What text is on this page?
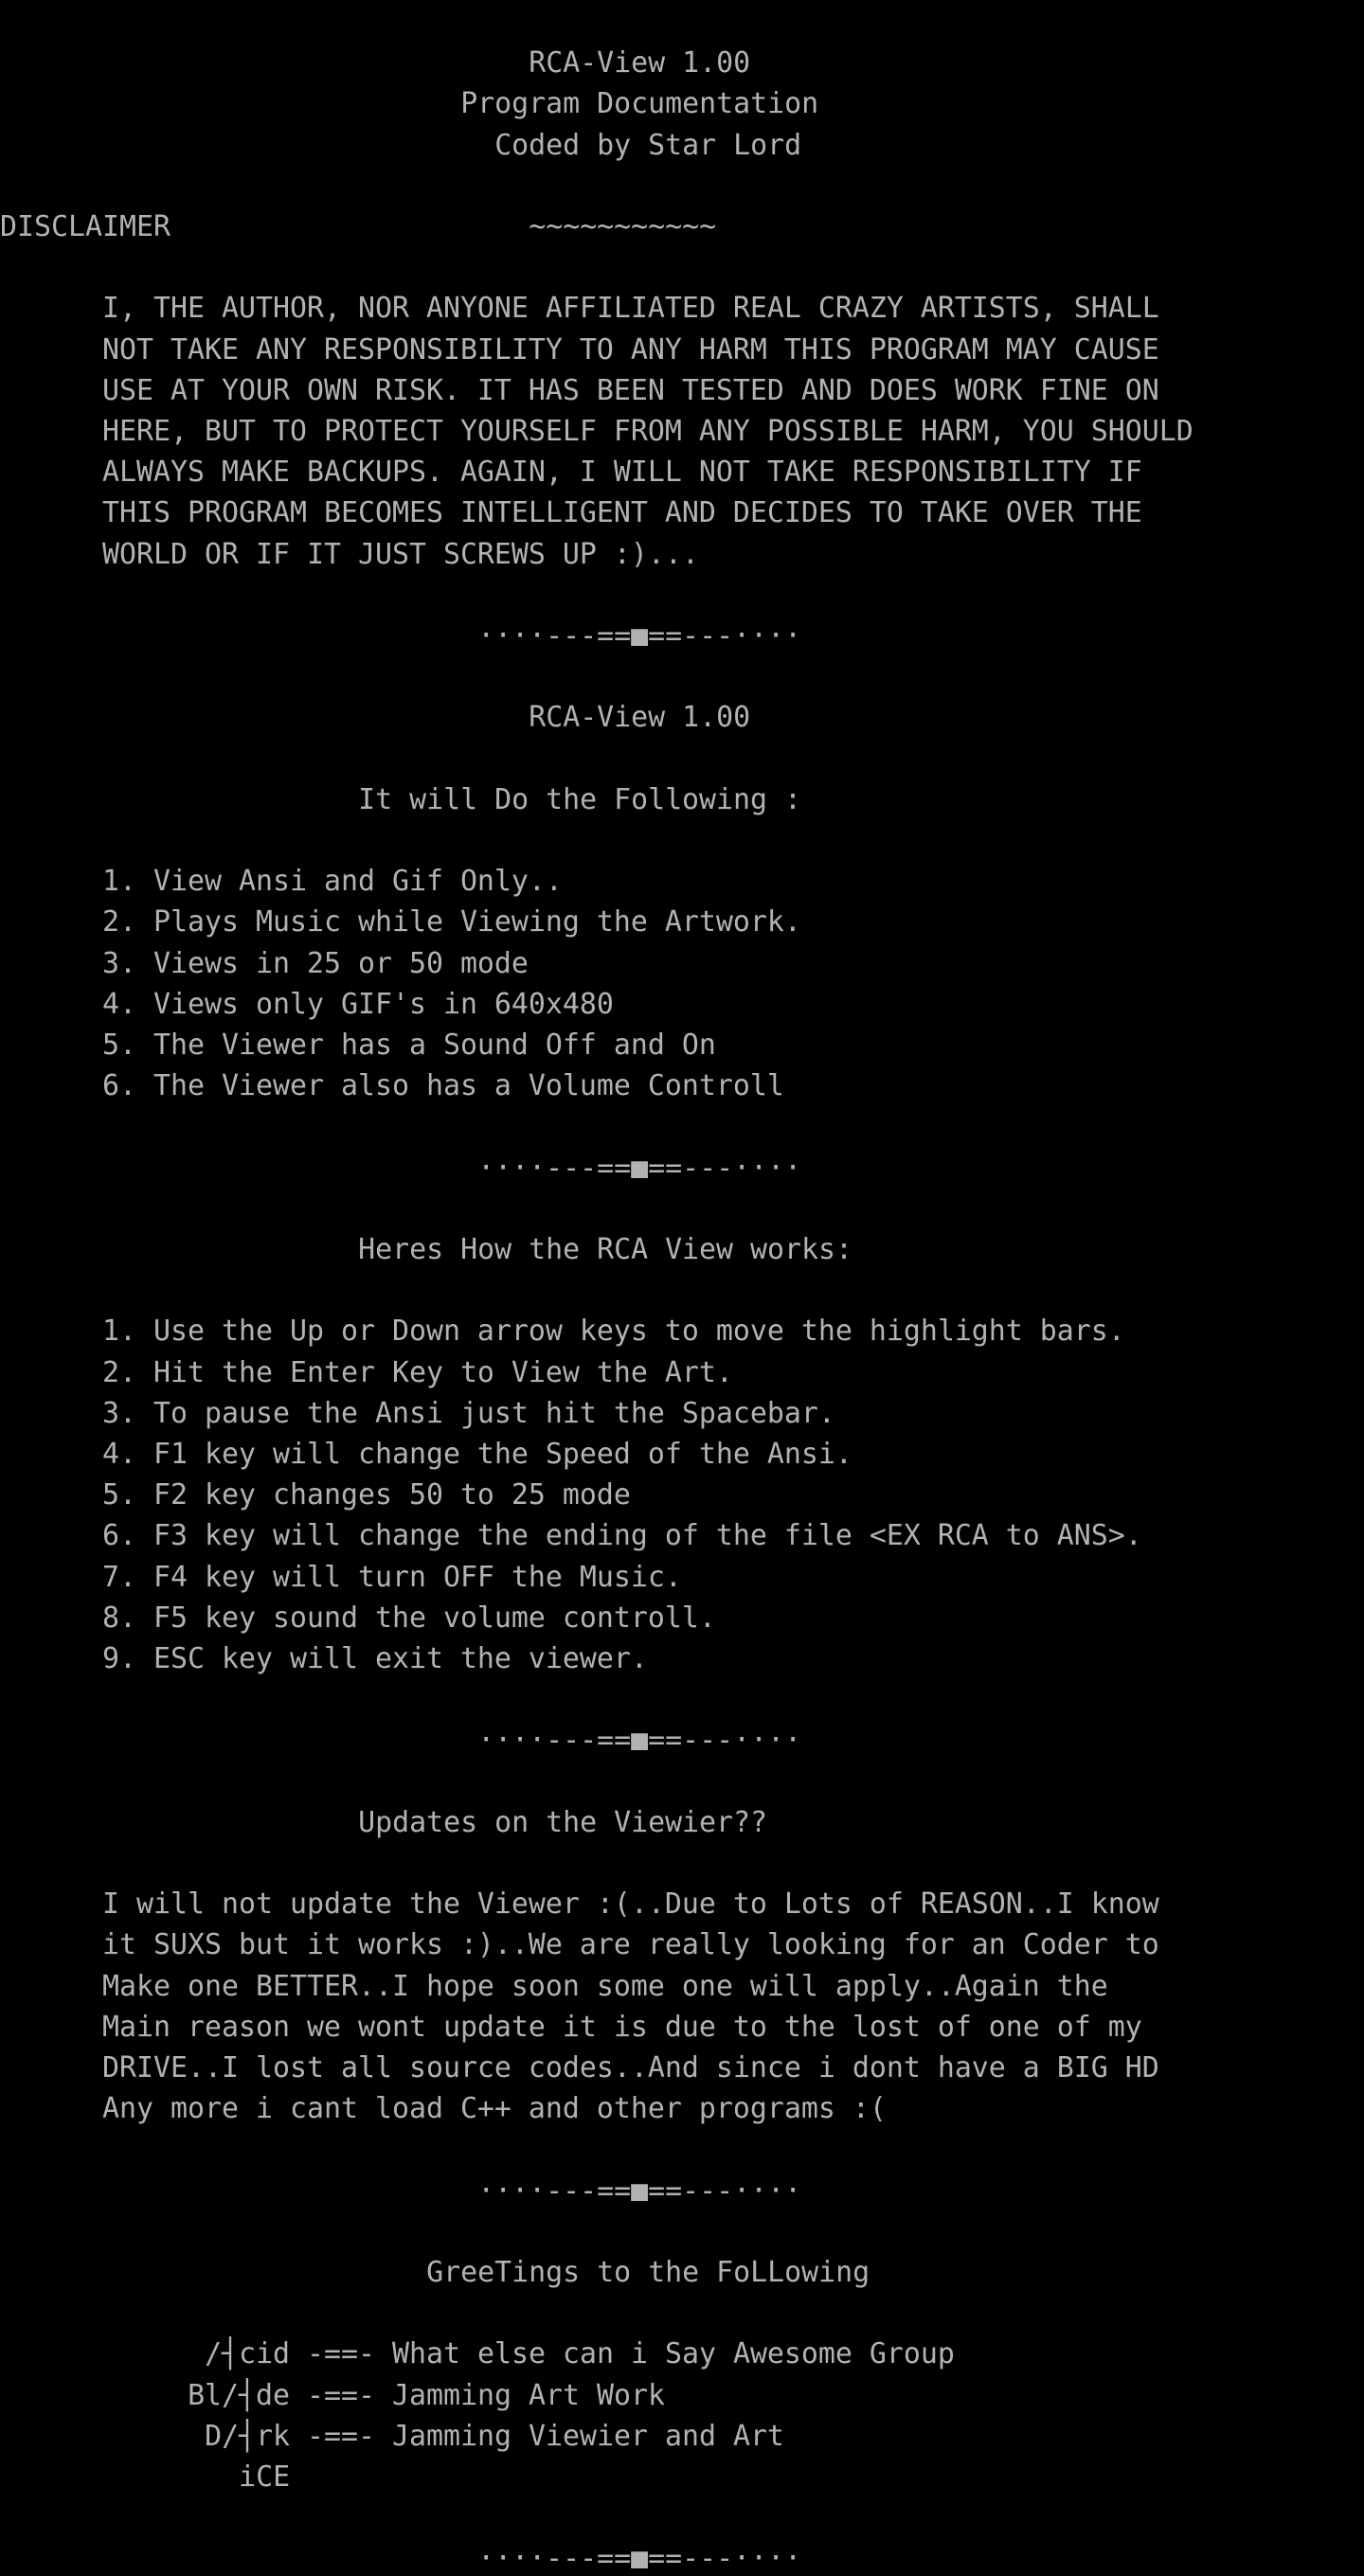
RCA-View 1.00
Program Documentation
Coded by Star Lord
DISCLAIMER	~~~~~~~~~~~
I, THE AUTHOR, NOR ANYONE AFFILIATED REAL CRAZY ARTISTS, SHALL
NOT TAKE ANY RESPONSIBILITY TO ANY HARM THIS PROGRAM MAY CAUSE
USE AT YOUR OWN RISK. IT HAS BEEN TESTED AND DOES WORK FINE ON
HERE, BUT TO PROTECT YOURSELF FROM ANY POSSIBLE HARM, YOU SHOULD
ALWAYS MAKE BACKUPS. AGAIN, I WILL NOT TAKE RESPONSIBILITY IF
THIS PROGRAM BECOMES INTELLIGENT AND DECIDES TO TAKE OVER THE
WORLD OR IF IT JUST SCREWS UP :)...
····---==■==---····
RCA-View 1.00
It will Do the Following :
1. View Ansi and Gif Only..
2. Plays Music while Viewing the Artwork.
3. Views in 25 or 50 mode
4. Views only GIF's in 640x480
5. The Viewer has a Sound Off and On
6. The Viewer also has a Volume Controll
····---==■==---····
Heres How the RCA View works:
1. Use the Up or Down arrow keys to move the highlight bars.
2. Hit the Enter Key to View the Art.
3. To pause the Ansi just hit the Spacebar.
4. F1 key will change the Speed of the Ansi.
5. F2 key changes 50 to 25 mode
6. F3 key will change the ending of the file <EX RCA to ANS>.
7. F4 key will turn OFF the Music.
8. F5 key sound the volume controll.
9. ESC key will exit the viewer.
····---==■==---····
Updates on the Viewier??
I will not update the Viewer :(..Due to Lots of REASON..I know
it SUXS but it works :)..We are really looking for an Coder to
Make one BETTER..I hope soon some one will apply..Again the
Main reason we wont update it is due to the lost of one of my
DRIVE..I lost all source codes..And since i dont have a BIG HD
Any more i cant load C++ and other programs :(
····---==■==---····
GreeTings to the FoLLowing
/┤cid -==- What else can i Say Awesome Group
Bl/┤de -==- Jamming Art Work
D/┤rk -==- Jamming Viewier and Art
iCE
····---==■==---····
